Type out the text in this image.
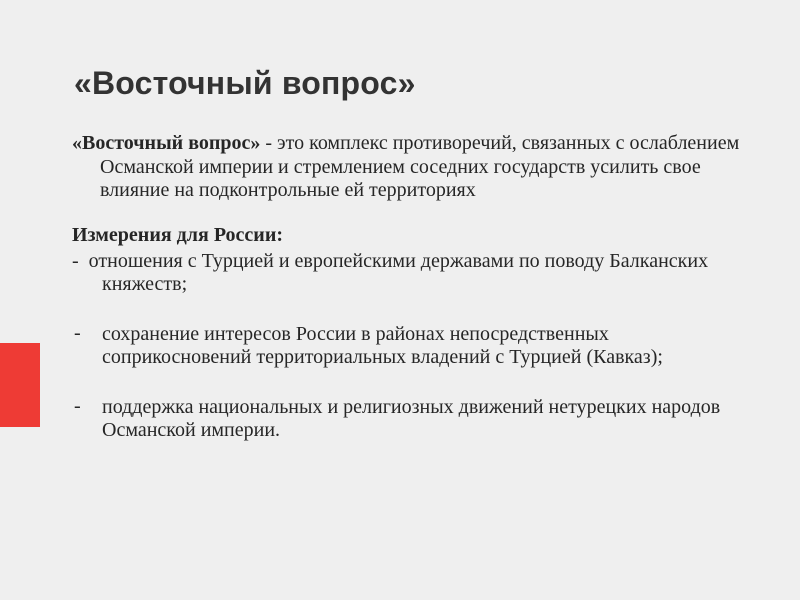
«Восточный вопрос»

«Восточный вопрос» - это комплекс противоречий, связанных с ослаблением Османской империи и стремлением соседних государств усилить свое влияние на подконтрольные ей территориях

Измерения для России:

- отношения с Турцией и европейскими державами по поводу Балканских княжеств;
-	сохранение интересов России в районах непосредственных соприкосновений территориальных владений с Турцией (Кавказ);
-	поддержка национальных и религиозных движений нетурецких народов Османской империи.
